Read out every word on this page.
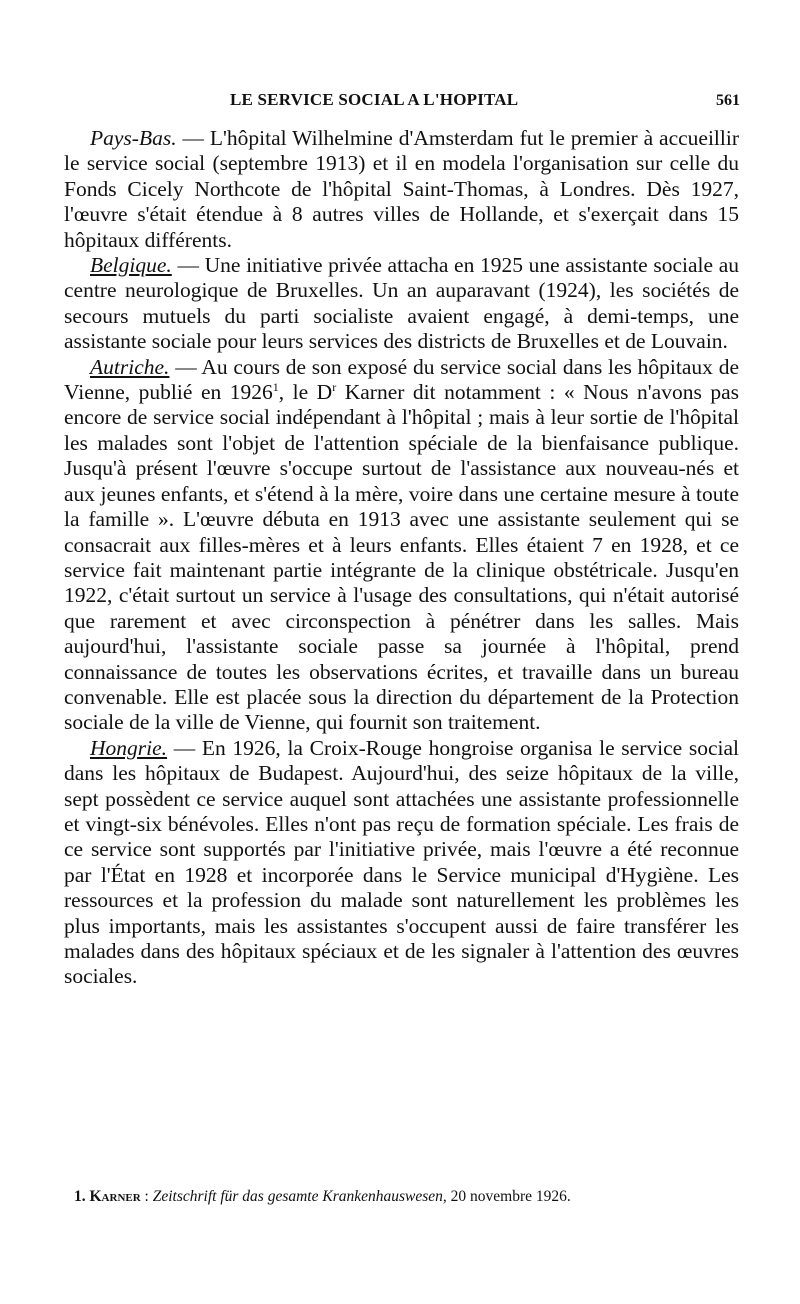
LE SERVICE SOCIAL A L'HOPITAL	561

Pays-Bas. — L'hôpital Wilhelmine d'Amsterdam fut le premier à accueillir le service social (septembre 1913) et il en modela l'organisation sur celle du Fonds Cicely Northcote de l'hôpital Saint-Thomas, à Londres. Dès 1927, l'œuvre s'était étendue à 8 autres villes de Hollande, et s'exerçait dans 15 hôpitaux différents.

Belgique. — Une initiative privée attacha en 1925 une assistante sociale au centre neurologique de Bruxelles. Un an auparavant (1924), les sociétés de secours mutuels du parti socialiste avaient engagé, à demi-temps, une assistante sociale pour leurs services des districts de Bruxelles et de Louvain.

Autriche. — Au cours de son exposé du service social dans les hôpitaux de Vienne, publié en 1926$^1$, le $D^r$ Karner dit notamment : « Nous n'avons pas encore de service social indépendant à l'hôpital ; mais à leur sortie de l'hôpital les malades sont l'objet de l'attention spéciale de la bienfaisance publique. Jusqu'à présent l'œuvre s'occupe surtout de l'assistance aux nouveau-nés et aux jeunes enfants, et s'étend à la mère, voire dans une certaine mesure à toute la famille ». L'œuvre débuta en 1913 avec une assistante seulement qui se consacrait aux filles-mères et à leurs enfants. Elles étaient 7 en 1928, et ce service fait maintenant partie intégrante de la clinique obstétricale. Jusqu'en 1922, c'était surtout un service à l'usage des consultations, qui n'était autorisé que rarement et avec circonspection à pénétrer dans les salles. Mais aujourd'hui, l'assistante sociale passe sa journée à l'hôpital, prend connaissance de toutes les observations écrites, et travaille dans un bureau convenable. Elle est placée sous la direction du département de la Protection sociale de la ville de Vienne, qui fournit son traitement.

Hongrie. — En 1926, la Croix-Rouge hongroise organisa le service social dans les hôpitaux de Budapest. Aujourd'hui, des seize hôpitaux de la ville, sept possèdent ce service auquel sont attachées une assistante professionnelle et vingt-six bénévoles. Elles n'ont pas reçu de formation spéciale. Les frais de ce service sont supportés par l'initiative privée, mais l'œuvre a été reconnue par l'État en 1928 et incorporée dans le Service municipal d'Hygiène. Les ressources et la profession du malade sont naturellement les problèmes les plus importants, mais les assistantes s'occupent aussi de faire transférer les malades dans des hôpitaux spéciaux et de les signaler à l'attention des œuvres sociales.

1. Karner : Zeitschrift für das gesamte Krankenhauswesen, 20 novembre 1926.
